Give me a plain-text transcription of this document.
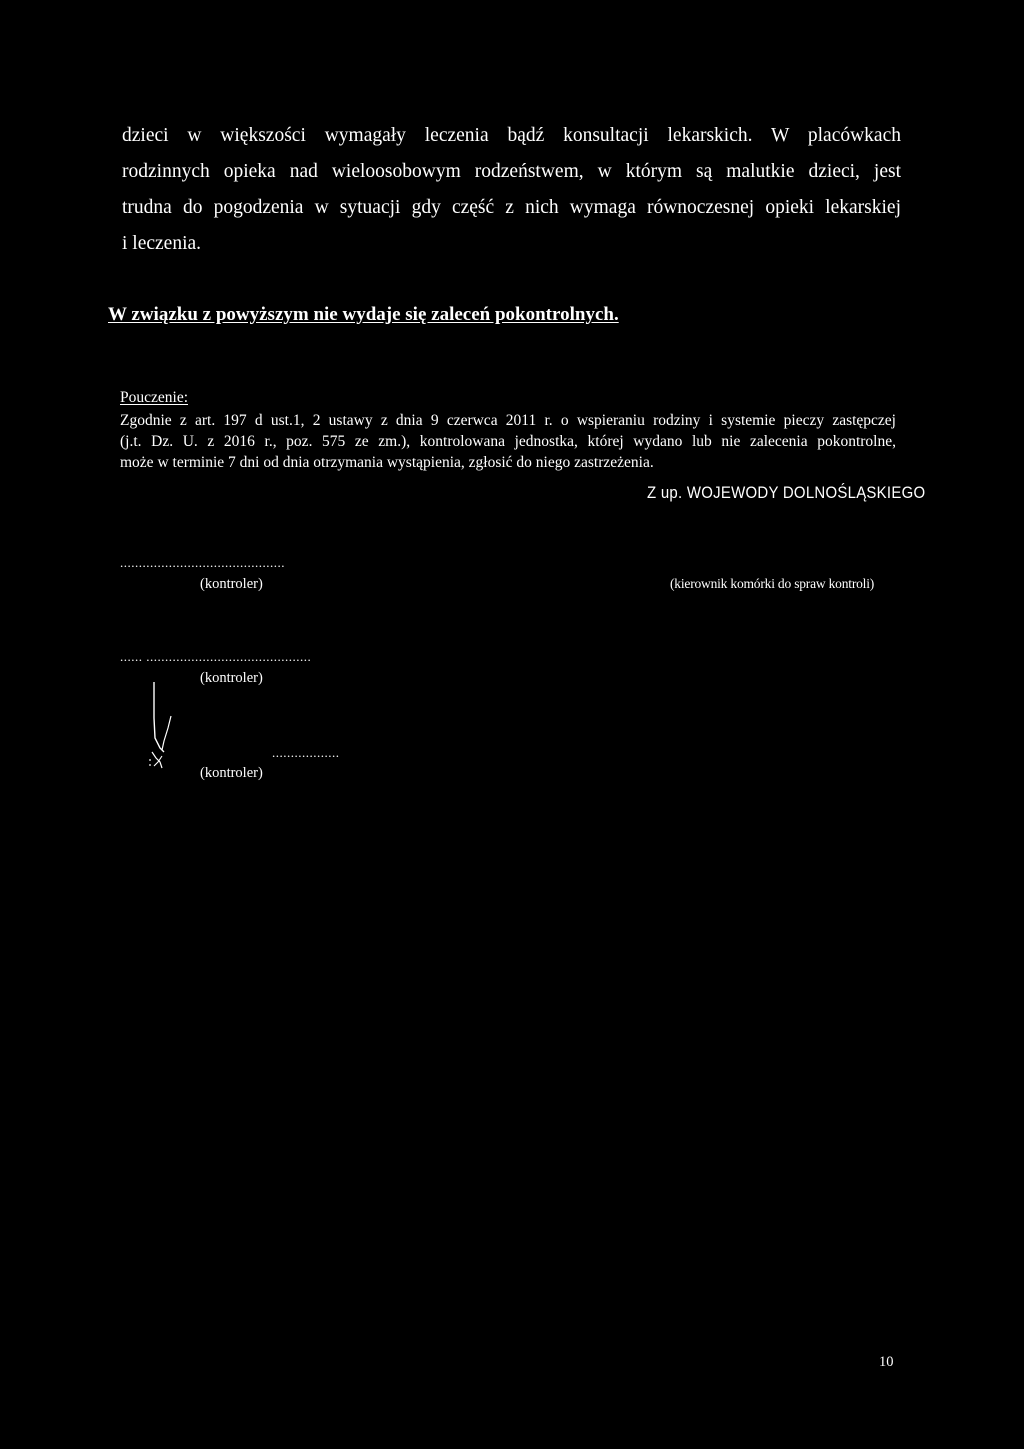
dzieci w większości wymagały leczenia bądź konsultacji lekarskich. W placówkach

rodzinnych opieka nad wieloosobowym rodzeństwem, w którym są malutkie dzieci, jest

trudna do pogodzenia w sytuacji gdy część z nich wymaga równoczesnej opieki lekarskiej

i leczenia.

W związku z powyższym nie wydaje się zaleceń pokontrolnych.
Pouczenie:
Zgodnie z art. 197 d ust.1, 2 ustawy z dnia 9 czerwca 2011 r. o wspieraniu rodziny i systemie pieczy zastępczej
(j.t. Dz. U. z 2016 r., poz. 575 ze zm.), kontrolowana jednostka, której wydano lub nie zalecenia pokontrolne,
może w terminie 7 dni od dnia otrzymania wystąpienia, zgłosić do niego zastrzeżenia.
Z up. WOJEWODY DOLNOŚLĄSKIEGO
............................................
(kontroler)	(kierownik komórki do spraw kontroli)
...... ............................................
(kontroler)
..................
(kontroler)
10
